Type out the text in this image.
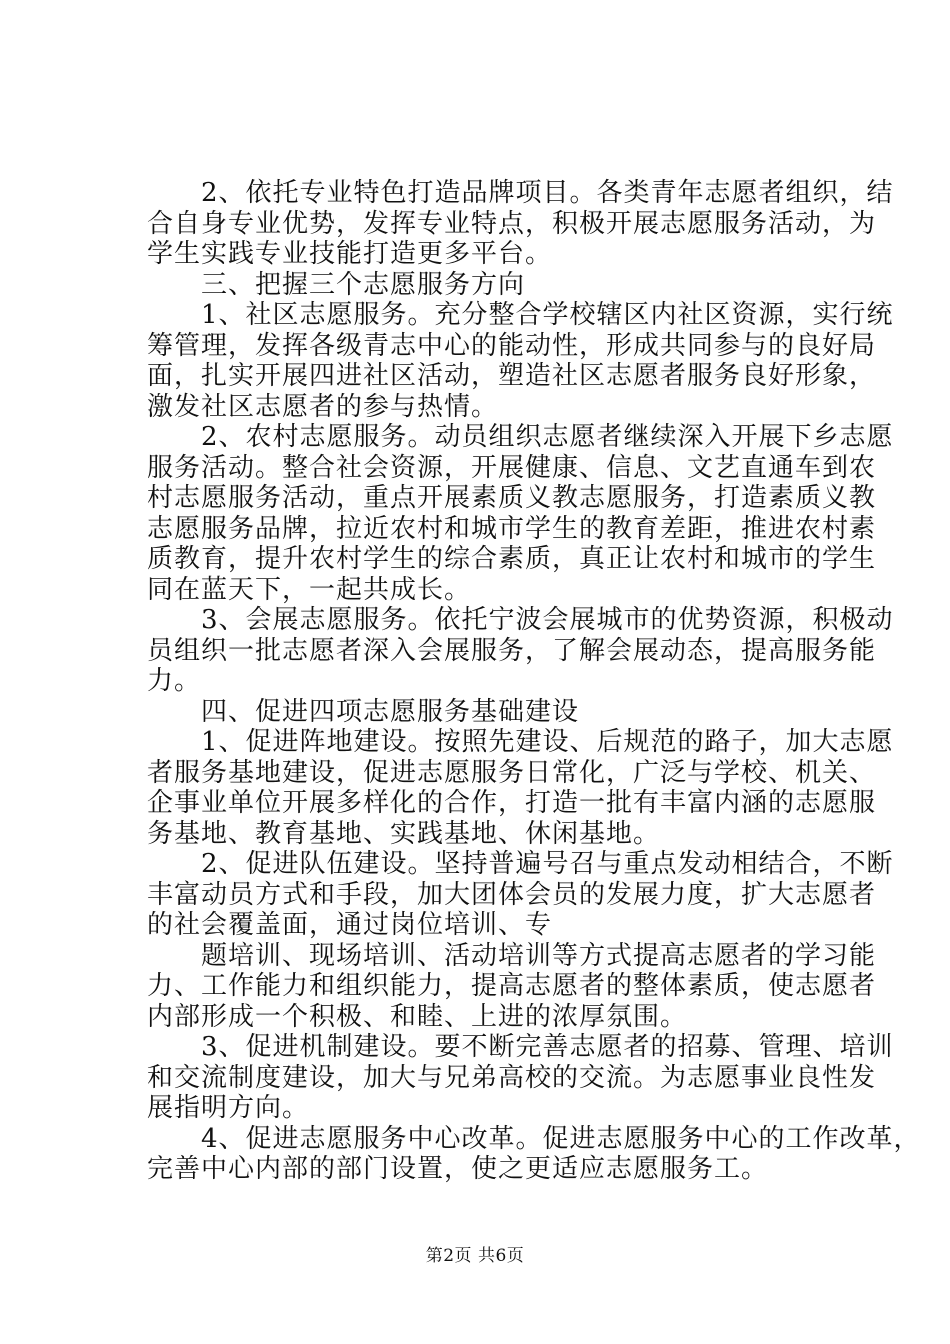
　　2、依托专业特色打造品牌项目。各类青年志愿者组织，结
合自身专业优势，发挥专业特点，积极开展志愿服务活动，为
学生实践专业技能打造更多平台。
　　三、把握三个志愿服务方向
　　1、社区志愿服务。充分整合学校辖区内社区资源，实行统
筹管理，发挥各级青志中心的能动性，形成共同参与的良好局
面，扎实开展四进社区活动，塑造社区志愿者服务良好形象，
激发社区志愿者的参与热情。
　　2、农村志愿服务。动员组织志愿者继续深入开展下乡志愿
服务活动。整合社会资源，开展健康、信息、文艺直通车到农
村志愿服务活动，重点开展素质义教志愿服务，打造素质义教
志愿服务品牌，拉近农村和城市学生的教育差距，推进农村素
质教育，提升农村学生的综合素质，真正让农村和城市的学生
同在蓝天下，一起共成长。
　　3、会展志愿服务。依托宁波会展城市的优势资源，积极动
员组织一批志愿者深入会展服务，了解会展动态，提高服务能
力。
　　四、促进四项志愿服务基础建设
　　1、促进阵地建设。按照先建设、后规范的路子，加大志愿
者服务基地建设，促进志愿服务日常化，广泛与学校、机关、
企事业单位开展多样化的合作，打造一批有丰富内涵的志愿服
务基地、教育基地、实践基地、休闲基地。
　　2、促进队伍建设。坚持普遍号召与重点发动相结合，不断
丰富动员方式和手段，加大团体会员的发展力度，扩大志愿者
的社会覆盖面，通过岗位培训、专
　　题培训、现场培训、活动培训等方式提高志愿者的学习能
力、工作能力和组织能力，提高志愿者的整体素质，使志愿者
内部形成一个积极、和睦、上进的浓厚氛围。
　　3、促进机制建设。要不断完善志愿者的招募、管理、培训
和交流制度建设，加大与兄弟高校的交流。为志愿事业良性发
　　4、促进志愿服务中心改革。促进志愿服务中心的工作改革，
完善中心内部的部门设置，使之更适应志愿服务工。
展指明方向。
第2页 共6页
